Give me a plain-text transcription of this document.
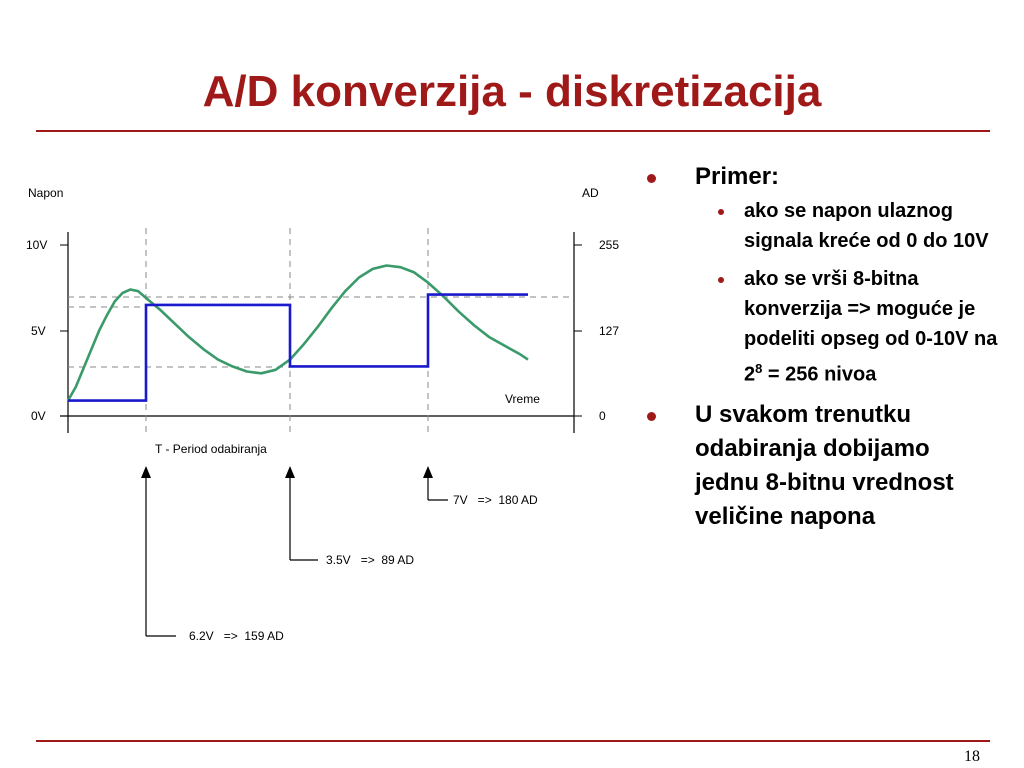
A/D konverzija - diskretizacija
Napon	AD
10V
5V
0V
255
127
0
Vreme
T - Period odabiranja
6.2V   =>  159 AD
3.5V   =>  89 AD
7V   =>  180 AD
Primer:
ako se napon ulaznog signala kreće od 0 do 10V
ako se vrši 8-bitna konverzija => moguće je podeliti opseg od 0-10V na $2^8 = 256$ nivoa
U svakom trenutku odabiranja dobijamo jednu 8-bitnu vrednost veličine napona
18
